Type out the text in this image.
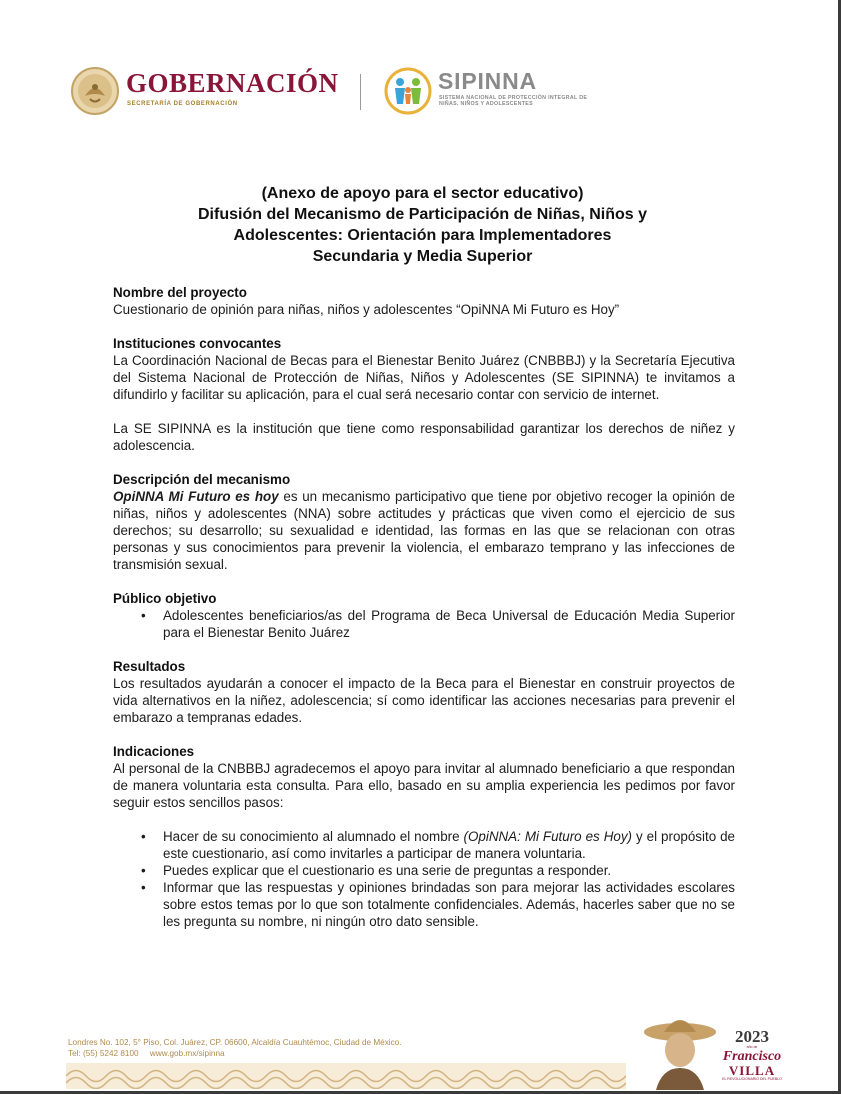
GOBERNACIÓN
SECRETARÍA DE GOBERNACIÓN
SIPINNA
SISTEMA NACIONAL DE PROTECCIÓN INTEGRAL DE NIÑAS, NIÑOS Y ADOLESCENTES
(Anexo de apoyo para el sector educativo)
Difusión del Mecanismo de Participación de Niñas, Niños y
Adolescentes: Orientación para Implementadores
Secundaria y Media Superior
Nombre del proyecto
Cuestionario de opinión para niñas, niños y adolescentes “OpiNNA Mi Futuro es Hoy”
Instituciones convocantes
La Coordinación Nacional de Becas para el Bienestar Benito Juárez (CNBBBJ) y la Secretaría Ejecutiva del Sistema Nacional de Protección de Niñas, Niños y Adolescentes (SE SIPINNA) te invitamos a difundirlo y facilitar su aplicación, para el cual será necesario contar con servicio de internet.
La SE SIPINNA es la institución que tiene como responsabilidad garantizar los derechos de niñez y adolescencia.
Descripción del mecanismo
OpiNNA Mi Futuro es hoy es un mecanismo participativo que tiene por objetivo recoger la opinión de niñas, niños y adolescentes (NNA) sobre actitudes y prácticas que viven como el ejercicio de sus derechos; su desarrollo; su sexualidad e identidad, las formas en las que se relacionan con otras personas y sus conocimientos para prevenir la violencia, el embarazo temprano y las infecciones de transmisión sexual.
Público objetivo
• Adolescentes beneficiarios/as del Programa de Beca Universal de Educación Media Superior para el Bienestar Benito Juárez
Resultados
Los resultados ayudarán a conocer el impacto de la Beca para el Bienestar en construir proyectos de vida alternativos en la niñez, adolescencia; sí como identificar las acciones necesarias para prevenir el embarazo a tempranas edades.
Indicaciones
Al personal de la CNBBBJ agradecemos el apoyo para invitar al alumnado beneficiario a que respondan de manera voluntaria esta consulta. Para ello, basado en su amplia experiencia les pedimos por favor seguir estos sencillos pasos:
• Hacer de su conocimiento al alumnado el nombre (OpiNNA: Mi Futuro es Hoy) y el propósito de este cuestionario, así como invitarles a participar de manera voluntaria.
• Puedes explicar que el cuestionario es una serie de preguntas a responder.
• Informar que las respuestas y opiniones brindadas son para mejorar las actividades escolares sobre estos temas por lo que son totalmente confidenciales. Además, hacerles saber que no se les pregunta su nombre, ni ningún otro dato sensible.
Londres No. 102, 5° Piso, Col. Juárez, CP. 06600, Alcaldía Cuauhtémoc, Ciudad de México.
Tel: (55) 5242 8100     www.gob.mx/sipinna
2023
año de
Francisco
VILLA
EL REVOLUCIONARIO DEL PUEBLO
